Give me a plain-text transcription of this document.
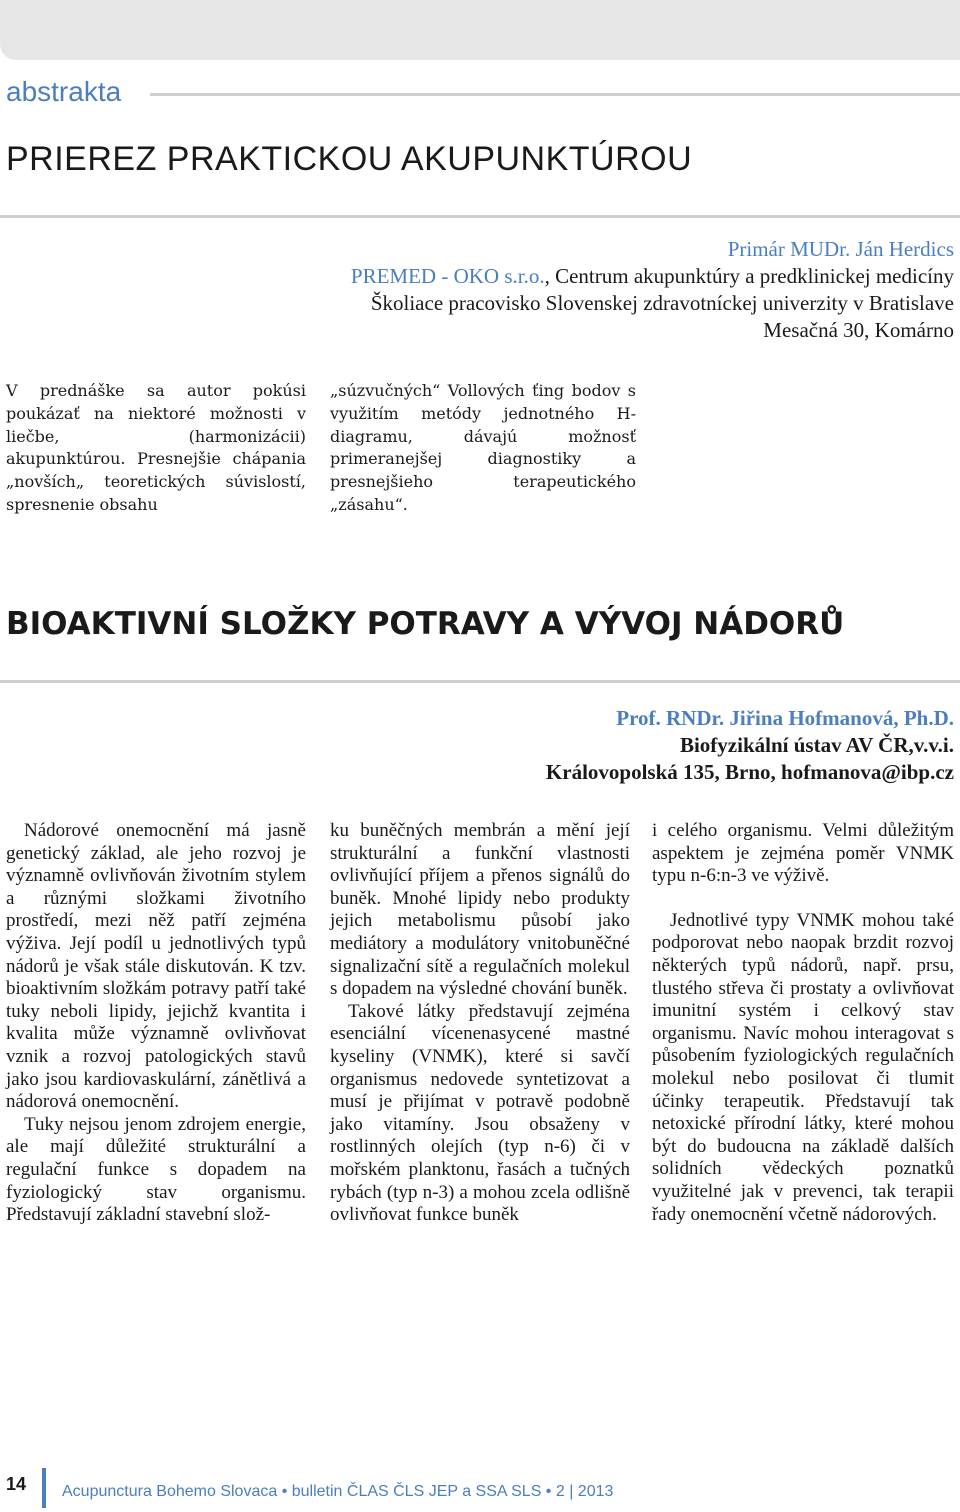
abstrakta
PRIEREZ PRAKTICKOU AKUPUNKTÚROU
Primár MUDr. Ján Herdics
PREMED - OKO s.r.o., Centrum akupunktúry a predklinickej medicíny
Školiace pracovisko Slovenskej zdravotníckej univerzity v Bratislave
Mesačná 30, Komárno

V prednáške sa autor pokúsi poukázať na niektoré možnosti v liečbe, (harmonizácii) akupunktúrou. Presnejšie chápania „novších„ teoretických súvislostí, spresnenie obsahu

„súzvučných“ Vollových ťing bodov s využitím metódy jednotného H-diagramu, dávajú možnosť primeranejšej diagnostiky a presnejšieho terapeutického „zásahu“.

BIOAKTIVNÍ SLOŽKY POTRAVY A VÝVOJ NÁDORŮ
Prof. RNDr. Jiřina Hofmanová, Ph.D.
Biofyzikální ústav AV ČR,v.v.i.
Královopolská 135, Brno, hofmanova@ibp.cz

Nádorové onemocnění má jasně genetický základ, ale jeho rozvoj je významně ovlivňován životním stylem a různými složkami životního prostředí, mezi něž patří zejména výživa. Její podíl u jednotlivých typů nádorů je však stále diskutován. K tzv. bioaktivním složkám potravy patří také tuky neboli lipidy, jejichž kvantita i kvalita může významně ovlivňovat vznik a rozvoj patologických stavů jako jsou kardiovaskulární, zánětlivá a nádorová onemocnění.

Tuky nejsou jenom zdrojem energie, ale mají důležité strukturální a regulační funkce s dopadem na fyziologický stav organismu. Představují základní stavební slož-

ku buněčných membrán a mění její strukturální a funkční vlastnosti ovlivňující příjem a přenos signálů do buněk. Mnohé lipidy nebo produkty jejich metabolismu působí jako mediátory a modulátory vnitobuněčné signalizační sítě a regulačních molekul s dopadem na výsledné chování buněk.

Takové látky představují zejména esenciální vícenenasycené mastné kyseliny (VNMK), které si savčí organismus nedovede syntetizovat a musí je přijímat v potravě podobně jako vitamíny. Jsou obsaženy v rostlinných olejích (typ n-6) či v mořském planktonu, řasách a tučných rybách (typ n-3) a mohou zcela odlišně ovlivňovat funkce buněk

i celého organismu. Velmi důležitým aspektem je zejména poměr VNMK typu n-6:n-3 ve výživě.

Jednotlivé typy VNMK mohou také podporovat nebo naopak brzdit rozvoj některých typů nádorů, např. prsu, tlustého střeva či prostaty a ovlivňovat imunitní systém i celkový stav organismu. Navíc mohou interagovat s působením fyziologických regulačních molekul nebo posilovat či tlumit účinky terapeutik. Představují tak netoxické přírodní látky, které mohou být do budoucna na základě dalších solidních vědeckých poznatků využitelné jak v prevenci, tak terapii řady onemocnění včetně nádorových.

14 Acupunctura Bohemo Slovaca • bulletin ČLAS ČLS JEP a SSA SLS • 2 | 2013
